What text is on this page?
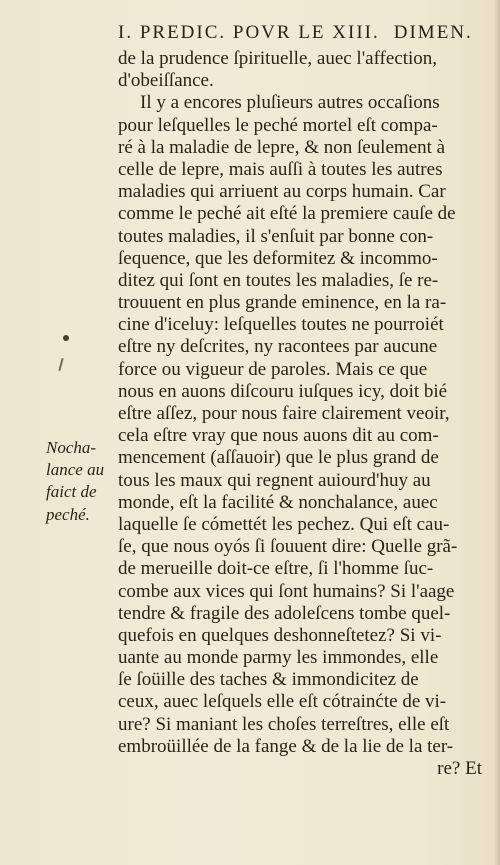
I. PREDIC. POVR LE XIII. DIMEN.
de la prudence ſpirituelle, auec l'affection,
d'obeiſſance.
Il y a encores pluſieurs autres occaſions
pour leſquelles le peché mortel eſt compa-
ré à la maladie de lepre, & non ſeulement à
celle de lepre, mais auſſi à toutes les autres
maladies qui arriuent au corps humain. Car
comme le peché ait eſté la premiere cauſe de
toutes maladies, il s'enſuit par bonne con-
ſequence, que les deformitez & incommo-
ditez qui ſont en toutes les maladies, ſe re-
trouuent en plus grande eminence, en la ra-
cine d'iceluy: leſquelles toutes ne pourroiét
eſtre ny deſcrites, ny racontees par aucune
force ou vigueur de paroles. Mais ce que
nous en auons diſcouru iuſques icy, doit bié
eſtre aſſez, pour nous faire clairement veoir,
cela eſtre vray que nous auons dit au com-
mencement (aſſauoir) que le plus grand de
tous les maux qui regnent auiourd'huy au
monde, eſt la facilité & nonchalance, auec
laquelle ſe cómettét les pechez. Qui eſt cau-
ſe, que nous oyós ſi ſouuent dire: Quelle grã-
de merueille doit-ce eſtre, ſi l'homme ſuc-
combe aux vices qui ſont humains? Si l'aage
tendre & fragile des adoleſcens tombe quel-
quefois en quelques deshonneſtetez? Si vi-
uante au monde parmy les immondes, elle
ſe ſoüille des taches & immondicitez de
ceux, auec leſquels elle eſt cótrainćte de vi-
ure? Si maniant les choſes terreſtres, elle eſt
embroüillée de la fange & de la lie de la ter-
re? Et
Nocha-
lance au
faict de
peché.
